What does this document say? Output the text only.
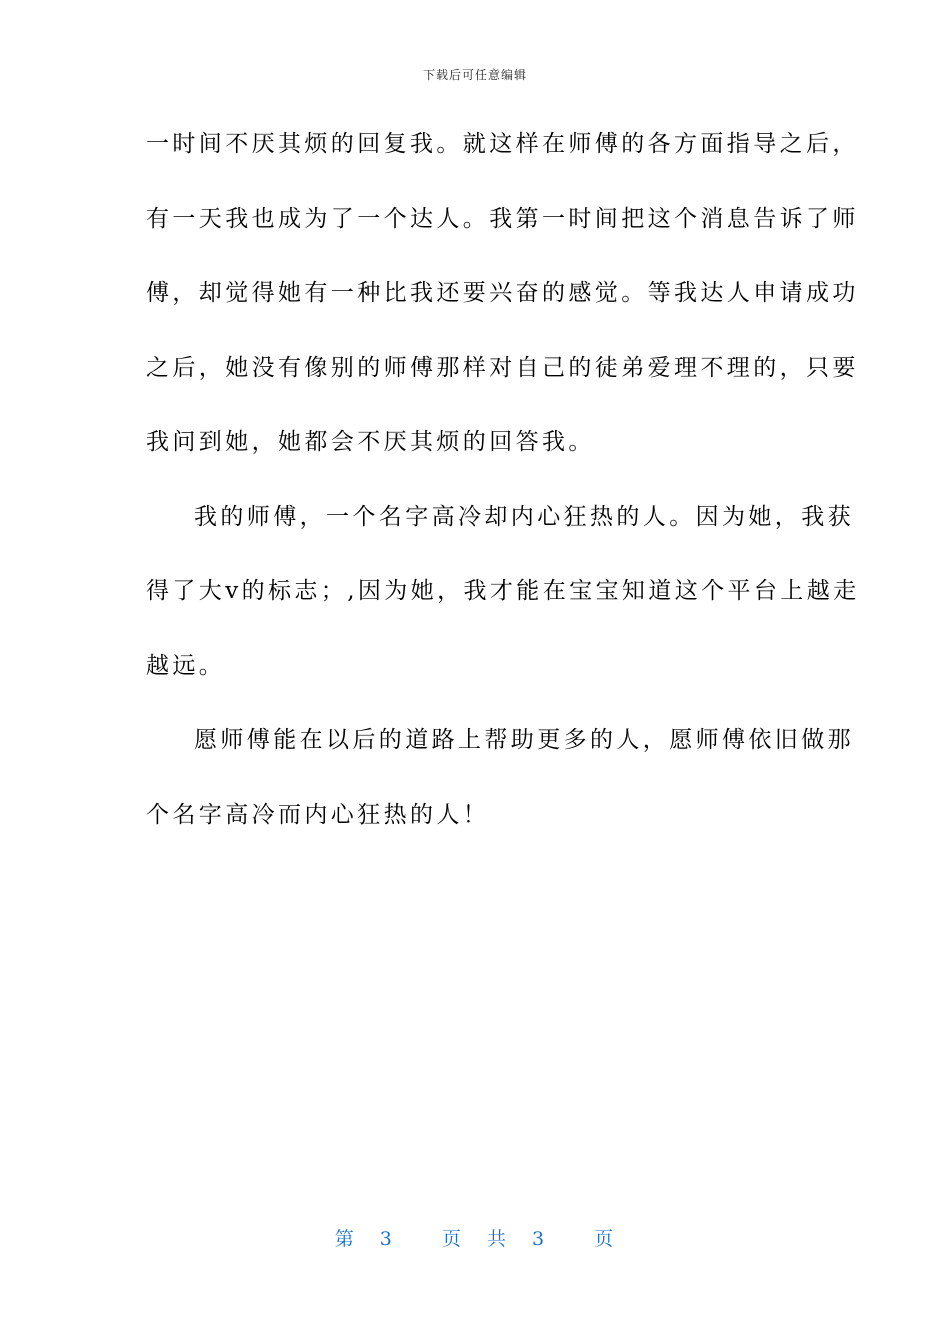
下载后可任意编辑
一时间不厌其烦的回复我。就这样在师傅的各方面指导之后，
有一天我也成为了一个达人。我第一时间把这个消息告诉了师
傅，却觉得她有一种比我还要兴奋的感觉。等我达人申请成功
之后，她没有像别的师傅那样对自己的徒弟爱理不理的，只要
我问到她，她都会不厌其烦的回答我。
我的师傅，一个名字高冷却内心狂热的人。因为她，我获
得了大v的标志；,因为她，我才能在宝宝知道这个平台上越走
越远。
愿师傅能在以后的道路上帮助更多的人，愿师傅依旧做那
个名字高冷而内心狂热的人！
第 3  页 共 3  页
